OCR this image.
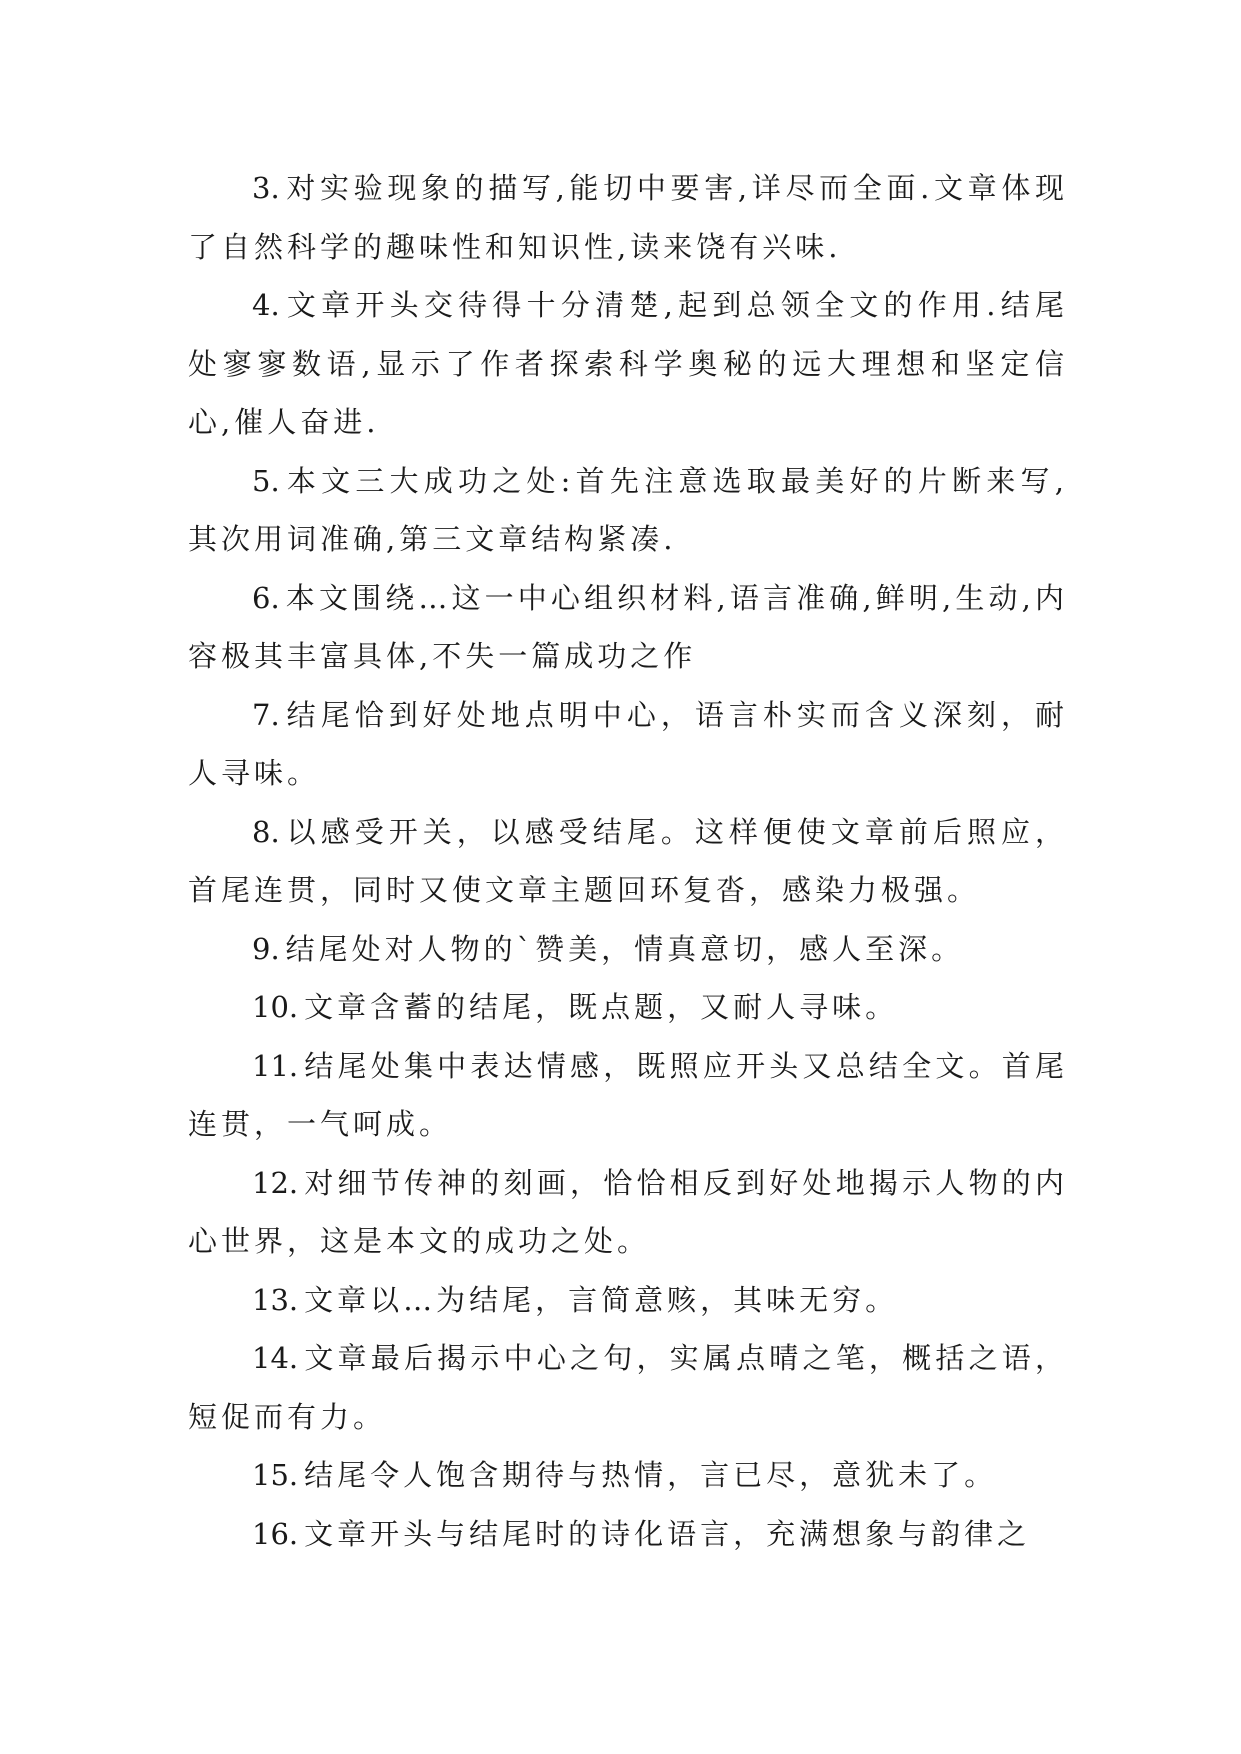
3. 对实验现象的描写,能切中要害,详尽而全面.文章体现了自然科学的趣味性和知识性,读来饶有兴味.

4. 文章开头交待得十分清楚,起到总领全文的作用.结尾处寥寥数语,显示了作者探索科学奥秘的远大理想和坚定信心,催人奋进.

5. 本文三大成功之处:首先注意选取最美好的片断来写,其次用词准确,第三文章结构紧凑.

6. 本文围绕…这一中心组织材料,语言准确,鲜明,生动,内容极其丰富具体,不失一篇成功之作

7. 结尾恰到好处地点明中心，语言朴实而含义深刻，耐人寻味。

8. 以感受开关，以感受结尾。这样便使文章前后照应，首尾连贯，同时又使文章主题回环复沓，感染力极强。

9. 结尾处对人物的`赞美，情真意切，感人至深。

10. 文章含蓄的结尾，既点题，又耐人寻味。

11. 结尾处集中表达情感，既照应开头又总结全文。首尾连贯，一气呵成。

12. 对细节传神的刻画，恰恰相反到好处地揭示人物的内心世界，这是本文的成功之处。

13. 文章以…为结尾，言简意赅，其味无穷。

14. 文章最后揭示中心之句，实属点晴之笔，概括之语，短促而有力。

15. 结尾令人饱含期待与热情，言已尽，意犹未了。

16. 文章开头与结尾时的诗化语言，充满想象与韵律之
